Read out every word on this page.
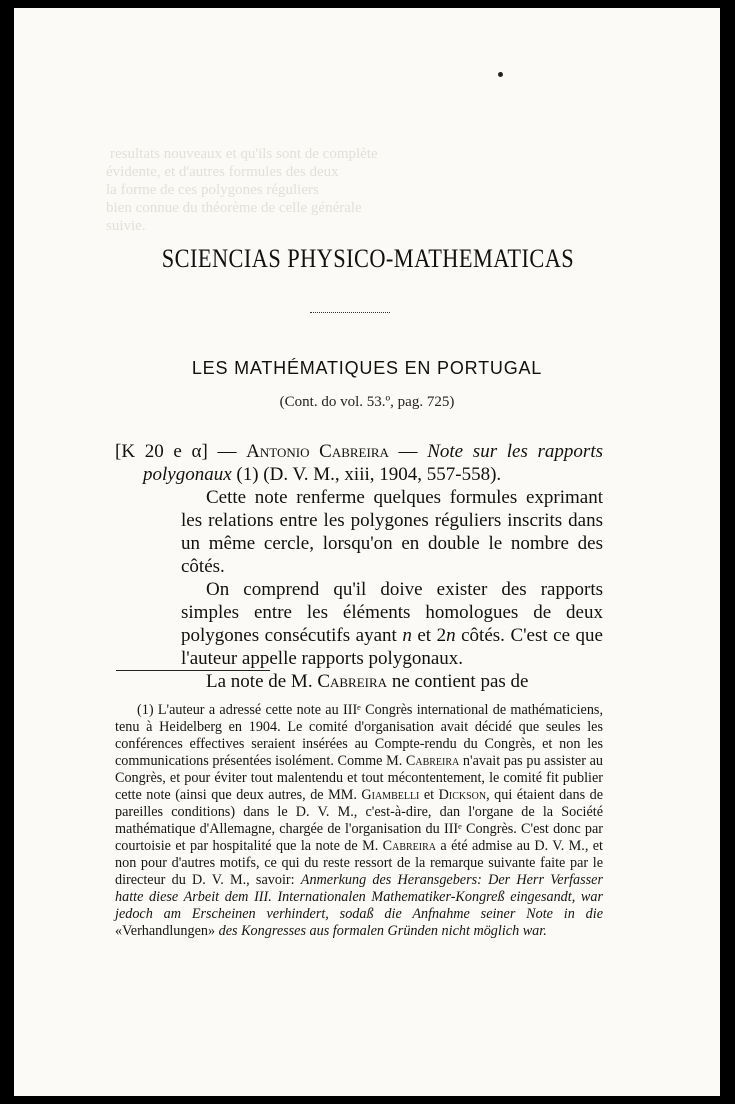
resultats nouveaux et qu'ils sont de complète
évidente, et d'autres formules des deux
la forme de ces polygones réguliers
bien connue du théorème de celle générale
suivie.
SCIENCIAS PHYSICO-MATHEMATICAS
LES MATHÉMATIQUES EN PORTUGAL
(Cont. do vol. 53.º, pag. 725)

[K 20 e α] — Antonio Cabreira — Note sur les rapports polygonaux (1) (D. V. M., xiii, 1904, 557-558).

Cette note renferme quelques formules exprimant les relations entre les polygones réguliers inscrits dans un même cercle, lorsqu'on en double le nombre des côtés.

On comprend qu'il doive exister des rapports simples entre les éléments homologues de deux polygones consécutifs ayant n et 2n côtés. C'est ce que l'auteur appelle rapports polygonaux.

La note de M. Cabreira ne contient pas de

(1) L'auteur a adressé cette note au IIIᵉ Congrès international de mathématiciens, tenu à Heidelberg en 1904. Le comité d'organisation avait décidé que seules les conférences effectives seraient insérées au Compte-rendu du Congrès, et non les communications présentées isolément. Comme M. Cabreira n'avait pas pu assister au Congrès, et pour éviter tout malentendu et tout mécontentement, le comité fit publier cette note (ainsi que deux autres, de MM. Giambelli et Dickson, qui étaient dans de pareilles conditions) dans le D. V. M., c'est-à-dire, dan l'organe de la Société mathématique d'Allemagne, chargée de l'organisation du IIIᵉ Congrès. C'est donc par courtoisie et par hospitalité que la note de M. Cabreira a été admise au D. V. M., et non pour d'autres motifs, ce qui du reste ressort de la remarque suivante faite par le directeur du D. V. M., savoir: Anmerkung des Heransgebers: Der Herr Verfasser hatte diese Arbeit dem III. Internationalen Mathematiker-Kongreß eingesandt, war jedoch am Erscheinen verhindert, sodaß die Anfnahme seiner Note in die «Verhandlungen» des Kongresses aus formalen Gründen nicht möglich war.
